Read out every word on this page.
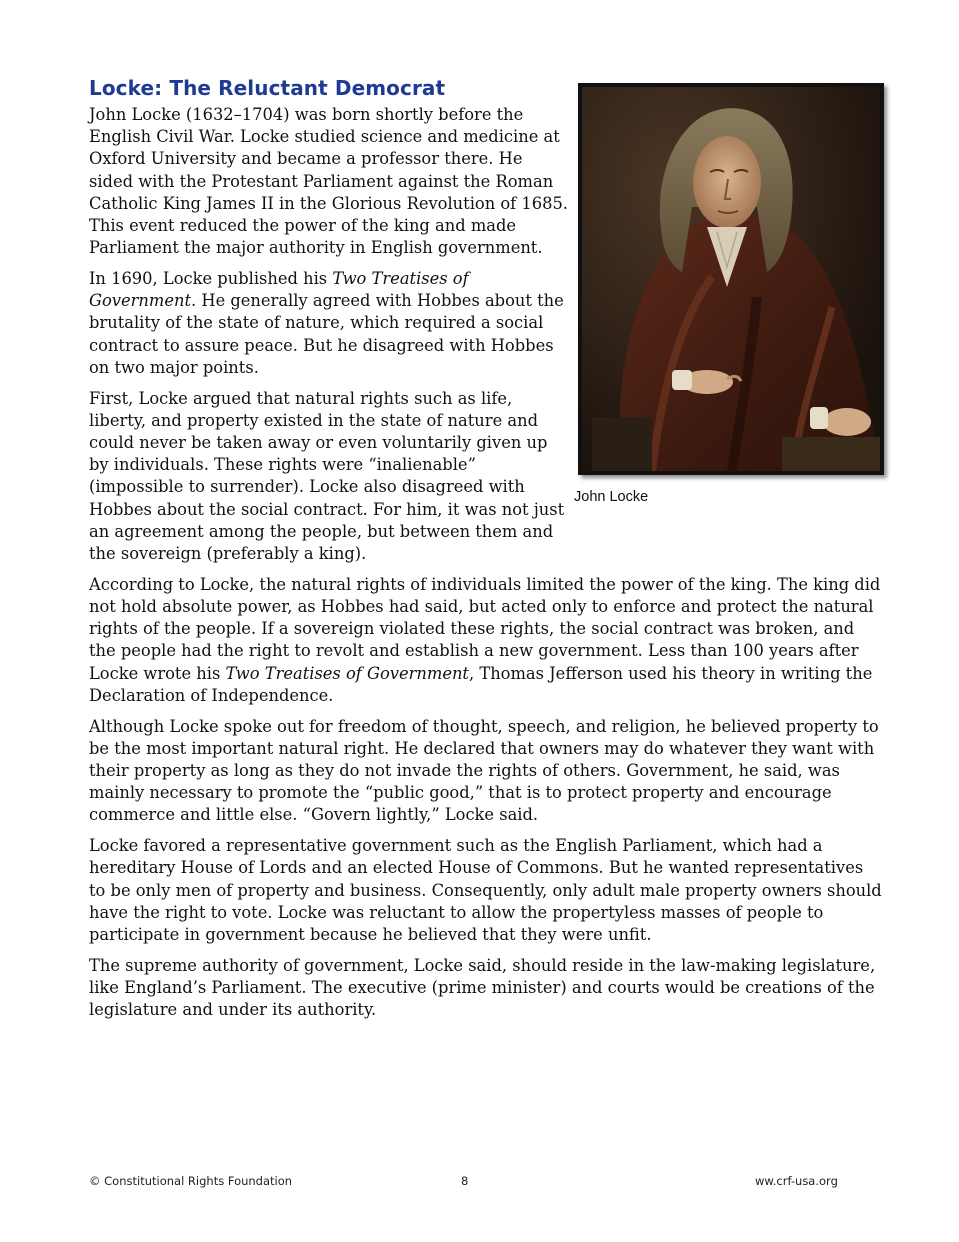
Locke: The Reluctant Democrat
John Locke

John Locke (1632–1704) was born shortly before the English Civil War. Locke studied science and medicine at Oxford University and became a professor there. He sided with the Protestant Parliament against the Roman Catholic King James II in the Glorious Revolution of 1685. This event reduced the power of the king and made Parliament the major authority in English government.

In 1690, Locke published his Two Treatises of Government. He generally agreed with Hobbes about the brutality of the state of nature, which required a social contract to assure peace. But he disagreed with Hobbes on two major points.

First, Locke argued that natural rights such as life, liberty, and property existed in the state of nature and could never be taken away or even voluntarily given up by individuals. These rights were “inalienable” (impossible to surrender). Locke also disagreed with Hobbes about the social contract. For him, it was not just an agreement among the people, but between them and the sovereign (preferably a king).

According to Locke, the natural rights of individuals limited the power of the king. The king did not hold absolute power, as Hobbes had said, but acted only to enforce and protect the natural rights of the people. If a sovereign violated these rights, the social contract was broken, and the people had the right to revolt and establish a new government. Less than 100 years after Locke wrote his Two Treatises of Government, Thomas Jefferson used his theory in writing the Declaration of Independence.

Although Locke spoke out for freedom of thought, speech, and religion, he believed property to be the most important natural right. He declared that owners may do whatever they want with their property as long as they do not invade the rights of others. Government, he said, was mainly necessary to promote the “public good,” that is to protect property and encourage commerce and little else. “Govern lightly,” Locke said.

Locke favored a representative government such as the English Parliament, which had a hereditary House of Lords and an elected House of Commons. But he wanted representatives to be only men of property and business. Consequently, only adult male property owners should have the right to vote. Locke was reluctant to allow the propertyless masses of people to participate in government because he believed that they were unfit.

The supreme authority of government, Locke said, should reside in the law-making legislature, like England’s Parliament. The executive (prime minister) and courts would be creations of the legislature and under its authority.

© Constitutional Rights Foundation	8	ww.crf-usa.org
